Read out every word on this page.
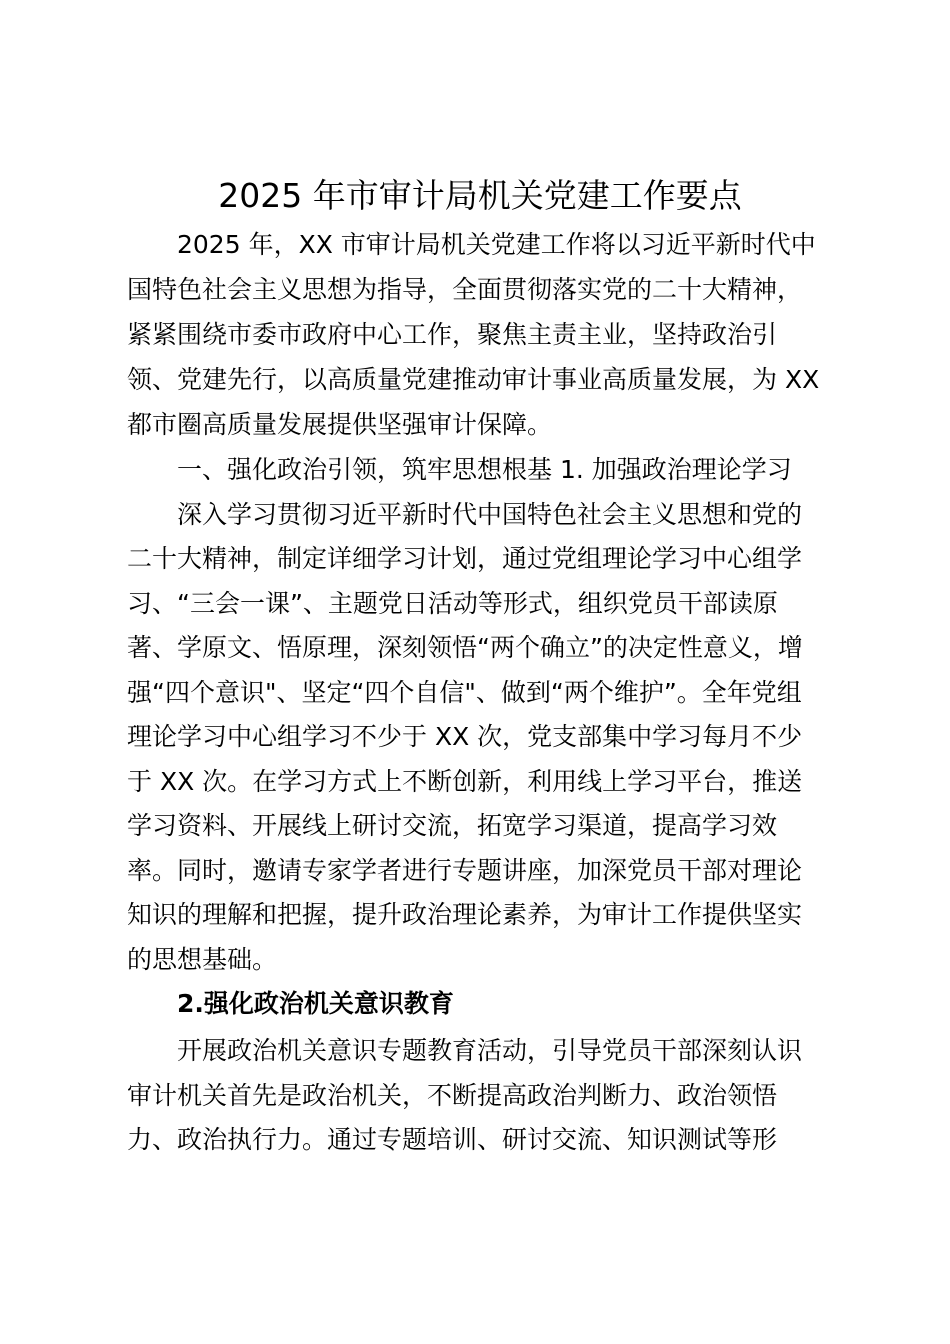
2025 年市审计局机关党建工作要点
2025 年，XX 市审计局机关党建工作将以习近平新时代中
国特色社会主义思想为指导，全面贯彻落实党的二十大精神，
紧紧围绕市委市政府中心工作，聚焦主责主业，坚持政治引
领、党建先行，以高质量党建推动审计事业高质量发展，为 XX
都市圈高质量发展提供坚强审计保障。
一、强化政治引领，筑牢思想根基 1. 加强政治理论学习
深入学习贯彻习近平新时代中国特色社会主义思想和党的
二十大精神，制定详细学习计划，通过党组理论学习中心组学
习、“三会一课”、主题党日活动等形式，组织党员干部读原
著、学原文、悟原理，深刻领悟“两个确立”的决定性意义，增
强“四个意识"、坚定“四个自信"、做到“两个维护”。全年党组
理论学习中心组学习不少于 XX 次，党支部集中学习每月不少
于 XX 次。在学习方式上不断创新，利用线上学习平台，推送
学习资料、开展线上研讨交流，拓宽学习渠道，提高学习效
率。同时，邀请专家学者进行专题讲座，加深党员干部对理论
知识的理解和把握，提升政治理论素养，为审计工作提供坚实
的思想基础。
2.强化政治机关意识教育
开展政治机关意识专题教育活动，引导党员干部深刻认识
审计机关首先是政治机关，不断提高政治判断力、政治领悟
力、政治执行力。通过专题培训、研讨交流、知识测试等形
